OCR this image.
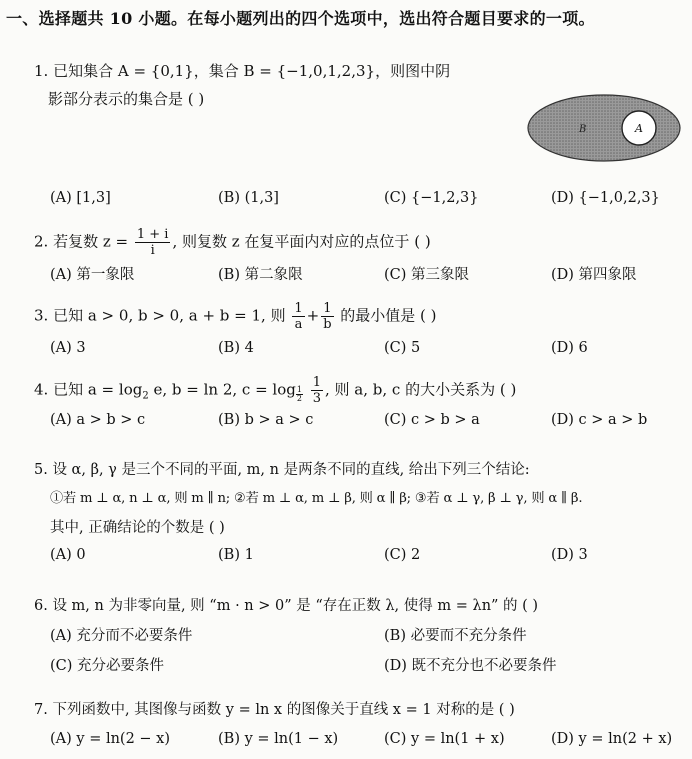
一、选择题共 10 小题。在每小题列出的四个选项中，选出符合题目要求的一项。
1. 已知集合 A = {0,1}，集合 B = {−1,0,1,2,3}，则图中阴
影部分表示的集合是 ( )
B	A
(A) [1,3]	(B) (1,3]	(C) {−1,2,3}	(D) {−1,0,2,3}
2. 若复数 $z = \frac{1 + i}{i}$ , 则复数 z 在复平面内对应的点位于 ( )
(A) 第一象限	(B) 第二象限	(C) 第三象限	(D) 第四象限
3. 已知 a > 0, b > 0, a + b = 1, 则 $\frac{1}{a} + \frac{1}{b}$ 的最小值是 ( )
(A) 3	(B) 4	(C) 5	(D) 6
4. 已知 $a = \log_2 e$, b = ln 2, $c = \log \frac{1}{2}$
$\frac{1}{3}$ , 则 a, b, c 的大小关系为 ( )
(A) a > b > c	(B) b > a > c	(C) c > b > a	(D) c > a > b
5. 设 α, β, γ 是三个不同的平面, m, n 是两条不同的直线, 给出下列三个结论:
①若 m ⊥ α, n ⊥ α, 则 m ∥ n; ②若 m ⊥ α, m ⊥ β, 则 α ∥ β; ③若 α ⊥ γ, β ⊥ γ, 则 α ∥ β.
其中, 正确结论的个数是 ( )
(A) 0	(B) 1	(C) 2	(D) 3
6. 设 m, n 为非零向量, 则 “m · n > 0” 是 “存在正数 λ, 使得 m = λn” 的 ( )
(A) 充分而不必要条件	(B) 必要而不充分条件
(C) 充分必要条件	(D) 既不充分也不必要条件
7. 下列函数中, 其图像与函数 y = ln x 的图像关于直线 x = 1 对称的是 ( )
(A) y = ln(2 − x)	(B) y = ln(1 − x)	(C) y = ln(1 + x)	(D) y = ln(2 + x)
